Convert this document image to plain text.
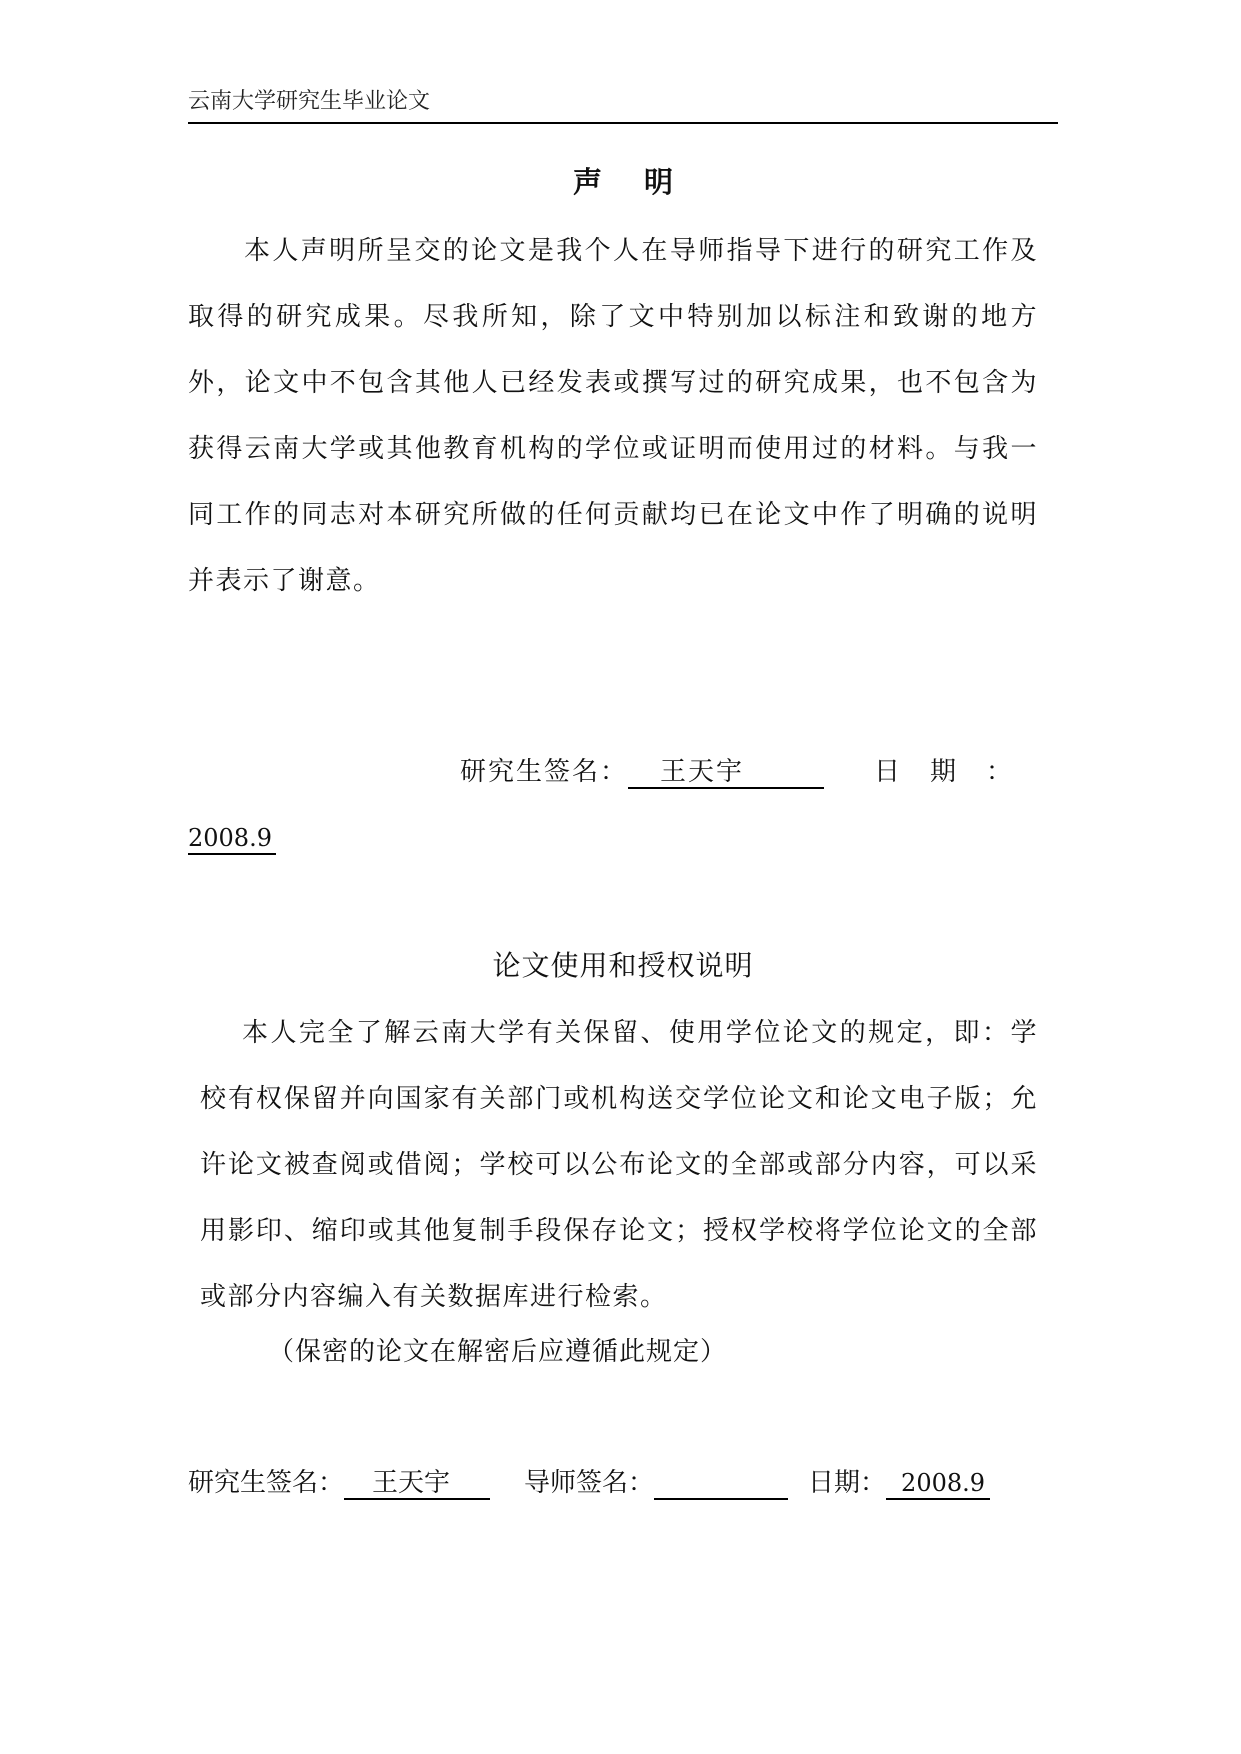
云南大学研究生毕业论文
声明

本人声明所呈交的论文是我个人在导师指导下进行的研究工作及取得的研究成果。尽我所知，除了文中特别加以标注和致谢的地方外，论文中不包含其他人已经发表或撰写过的研究成果，也不包含为获得云南大学或其他教育机构的学位或证明而使用过的材料。与我一同工作的同志对本研究所做的任何贡献均已在论文中作了明确的说明并表示了谢意。

研究生签名： 王天宇	日期：
2008.9
论文使用和授权说明

本人完全了解云南大学有关保留、使用学位论文的规定，即：学校有权保留并向国家有关部门或机构送交学位论文和论文电子版；允许论文被查阅或借阅；学校可以公布论文的全部或部分内容，可以采用影印、缩印或其他复制手段保存论文；授权学校将学位论文的全部或部分内容编入有关数据库进行检索。

（保密的论文在解密后应遵循此规定）
研究生签名： 王天宇	导师签名：	日期： 2008.9
